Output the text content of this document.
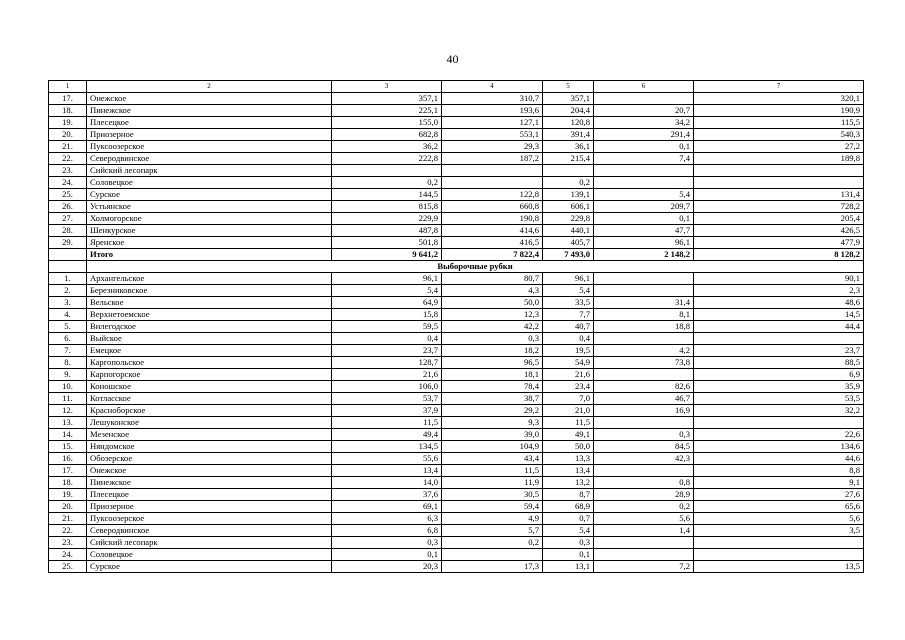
40
1	2	3	4	5	6	7
17.	Онежское	357,1	310,7	357,1		320,1
18.	Пинежское	225,1	193,6	204,4	20,7	190,9
19.	Плесецкое	155,0	127,1	120,8	34,2	115,5
20.	Приозерное	682,8	553,1	391,4	291,4	540,3
21.	Пуксоозерское	36,2	29,3	36,1	0,1	27,2
22.	Северодвинское	222,8	187,2	215,4	7,4	189,8
23.	Сийский лесопарк					
24.	Соловецкое	0,2		0,2		
25.	Сурское	144,5	122,8	139,1	5,4	131,4
26.	Устьянское	815,8	660,8	606,1	209,7	728,2
27.	Холмогорское	229,9	190,8	229,8	0,1	205,4
28.	Шенкурское	487,8	414,6	440,1	47,7	426,5
29.	Яренское	501,8	416,5	405,7	96,1	477,9
	Итого	9 641,2	7 822,4	7 493,0	2 148,2	8 128,2
	Выборочные рубки					
1.	Архангельское	96,1	80,7	96,1		90,1
2.	Березниковское	5,4	4,3	5,4		2,3
3.	Вельское	64,9	50,0	33,5	31,4	48,6
4.	Верхнетоемское	15,8	12,3	7,7	8,1	14,5
5.	Вилегодское	59,5	42,2	40,7	18,8	44,4
6.	Выйское	0,4	0,3	0,4		
7.	Емецкое	23,7	18,2	19,5	4,2	23,7
8.	Каргопольское	128,7	96,5	54,9	73,8	88,5
9.	Карпогорское	21,6	18,1	21,6		6,9
10.	Коношское	106,0	78,4	23,4	82,6	35,9
11.	Котласское	53,7	38,7	7,0	46,7	53,5
12.	Красноборское	37,9	29,2	21,0	16,9	32,2
13.	Лешуконское	11,5	9,3	11,5		
14.	Мезенское	49,4	39,0	49,1	0,3	22,6
15.	Няндомское	134,5	104,9	50,0	84,5	134,6
16.	Обозерское	55,6	43,4	13,3	42,3	44,6
17.	Онежское	13,4	11,5	13,4		8,8
18.	Пинежское	14,0	11,9	13,2	0,8	9,1
19.	Плесецкое	37,6	30,5	8,7	28,9	27,6
20.	Приозерное	69,1	59,4	68,9	0,2	65,6
21.	Пуксоозерское	6,3	4,9	0,7	5,6	5,6
22.	Северодвинское	6,8	5,7	5,4	1,4	3,5
23.	Сийский лесопарк	0,3	0,2	0,3		
24.	Соловецкое	0,1		0,1		
25.	Сурское	20,3	17,3	13,1	7,2	13,5
